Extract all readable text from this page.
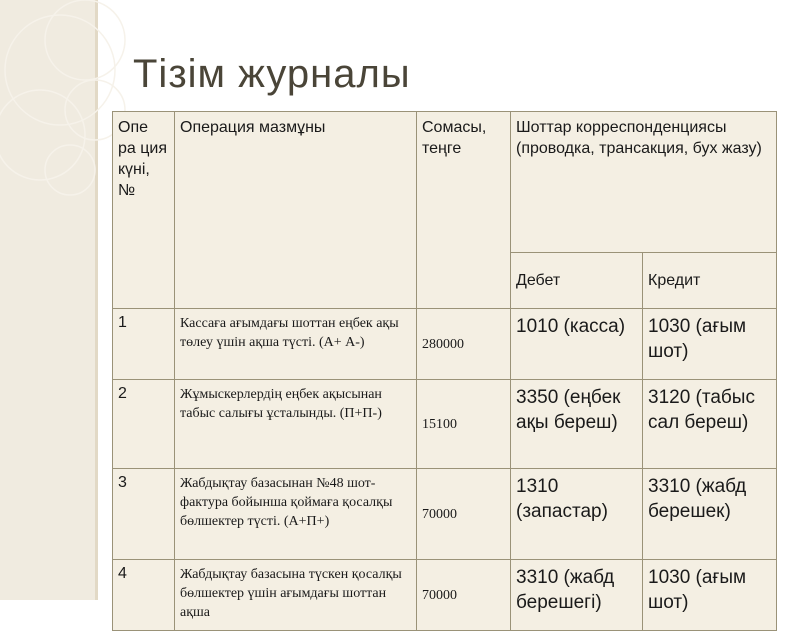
Тізім журналы
Опе ра ция күні, №	Операция мазмұны	Сомасы, теңге	Шоттар корреспонденциясы (проводка, трансакция, бух жазу)	
			Дебет	Кредит
1	Кассаға ағымдағы шоттан еңбек ақы төлеу үшін ақша түсті. (А+ А-)	280000	1010 (касса)	1030 (ағым шот)
2	Жұмыскерлердің еңбек ақысынан табыс салығы ұсталынды. (П+П-)	15100	3350 (еңбек ақы береш)	3120 (табыс сал береш)
3	Жабдықтау базасынан №48 шот-фактура бойынша қоймаға қосалқы бөлшектер түсті. (А+П+)	70000	1310 (запастар)	3310 (жабд берешек)
4	Жабдықтау базасына түскен қосалқы бөлшектер үшін ағымдағы шоттан ақша	70000	3310 (жабд берешегі)	1030 (ағым шот)
